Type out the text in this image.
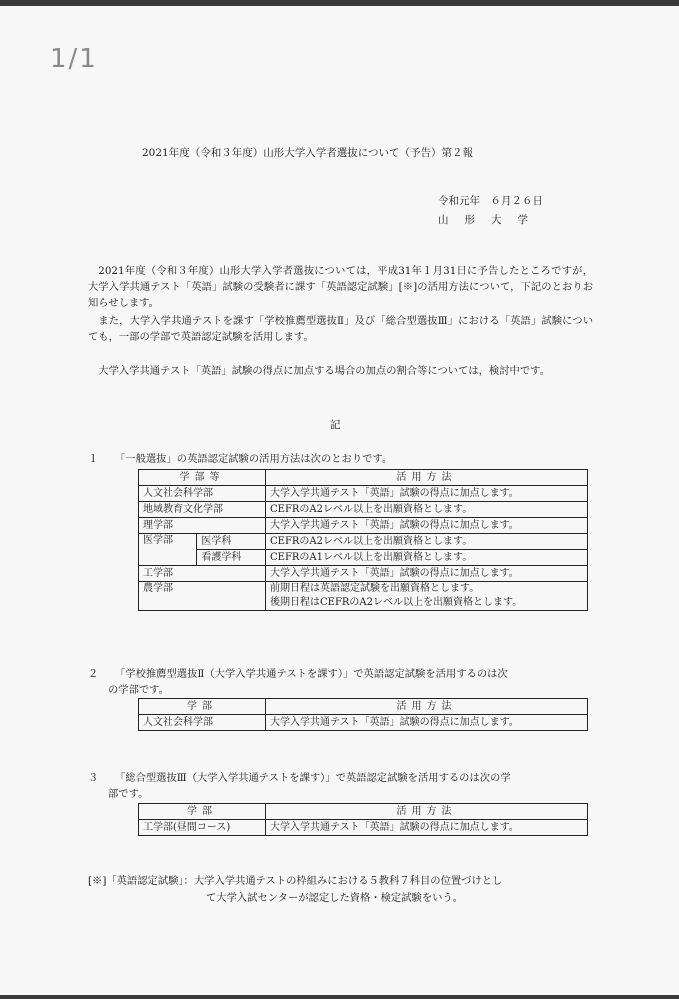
1/1
2021年度（令和３年度）山形大学入学者選抜について（予告）第２報
令和元年　６月２６日
山形大学
2021年度（令和３年度）山形大学入学者選抜については，平成31年１月31日に予告したところですが，大学入学共通テスト「英語」試験の受験者に課す「英語認定試験」[※]の活用方法について，下記のとおりお知らせします。
また，大学入学共通テストを課す「学校推薦型選抜Ⅱ」及び「総合型選抜Ⅲ」における「英語」試験についても，一部の学部で英語認定試験を活用します。
大学入学共通テスト「英語」試験の得点に加点する場合の加点の割合等については，検討中です。
記
１ 「一般選抜」の英語認定試験の活用方法は次のとおりです。
学部等		活用方法
人文社会科学部		大学入学共通テスト「英語」試験の得点に加点します。
地域教育文化学部		CEFRのA2レベル以上を出願資格とします。
理学部		大学入学共通テスト「英語」試験の得点に加点します。
医学部	医学科	CEFRのA2レベル以上を出願資格とします。
	看護学科	CEFRのA1レベル以上を出願資格とします。
工学部		大学入学共通テスト「英語」試験の得点に加点します。
農学部		前期日程は英語認定試験を出願資格とします。
後期日程はCEFRのA2レベル以上を出願資格とします。
２ 「学校推薦型選抜Ⅱ（大学入学共通テストを課す）」で英語認定試験を活用するのは次
の学部です。
学部	活用方法
人文社会科学部	大学入学共通テスト「英語」試験の得点に加点します。
３ 「総合型選抜Ⅲ（大学入学共通テストを課す）」で英語認定試験を活用するのは次の学
部です。
学部	活用方法
工学部(昼間コース)	大学入学共通テスト「英語」試験の得点に加点します。
[※]「英語認定試験」：大学入学共通テストの枠組みにおける５教科７科目の位置づけとし
て大学入試センターが認定した資格・検定試験をいう。
